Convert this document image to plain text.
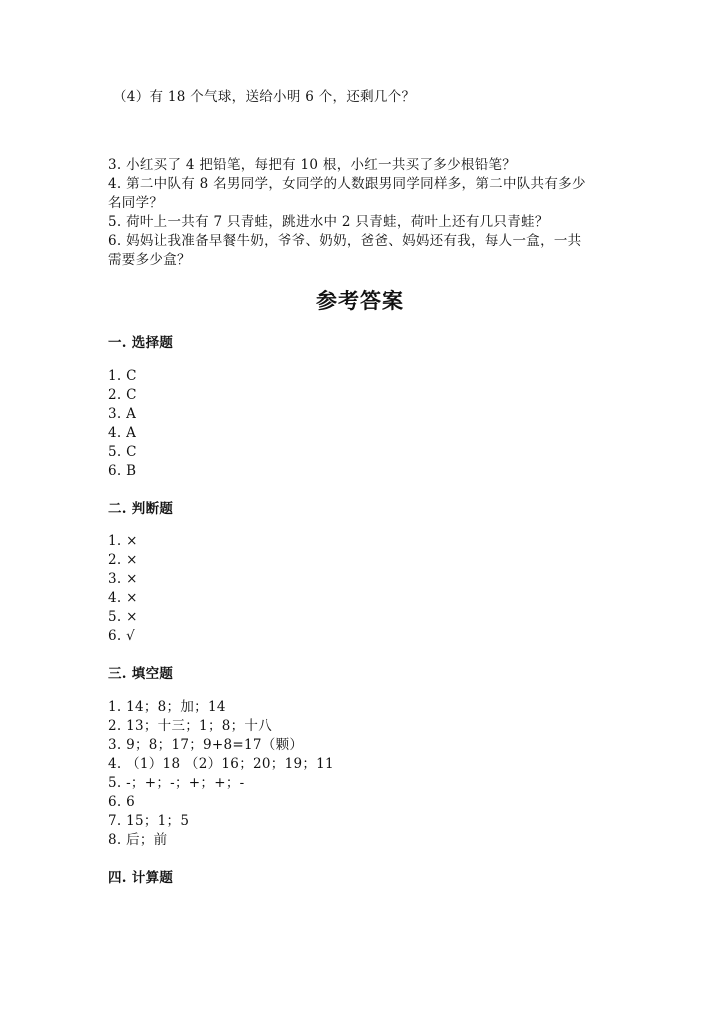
（4）有 18 个气球，送给小明 6 个，还剩几个？
3. 小红买了 4 把铅笔，每把有 10 根，小红一共买了多少根铅笔？
4. 第二中队有 8 名男同学，女同学的人数跟男同学同样多，第二中队共有多少
名同学？
5. 荷叶上一共有 7 只青蛙，跳进水中 2 只青蛙，荷叶上还有几只青蛙？
6. 妈妈让我准备早餐牛奶，爷爷、奶奶，爸爸、妈妈还有我，每人一盒，一共
需要多少盒？
参考答案
一. 选择题
1. C
2. C
3. A
4. A
5. C
6. B
二. 判断题
1. ×
2. ×
3. ×
4. ×
5. ×
6. √
三. 填空题
1. 14；8；加；14
2. 13；十三；1；8；十八
3. 9；8；17；9+8=17（颗）
4. （1）18 （2）16；20；19；11
5. -；+；-；+；+；-
6. 6
7. 15；1；5
8. 后；前
四. 计算题
